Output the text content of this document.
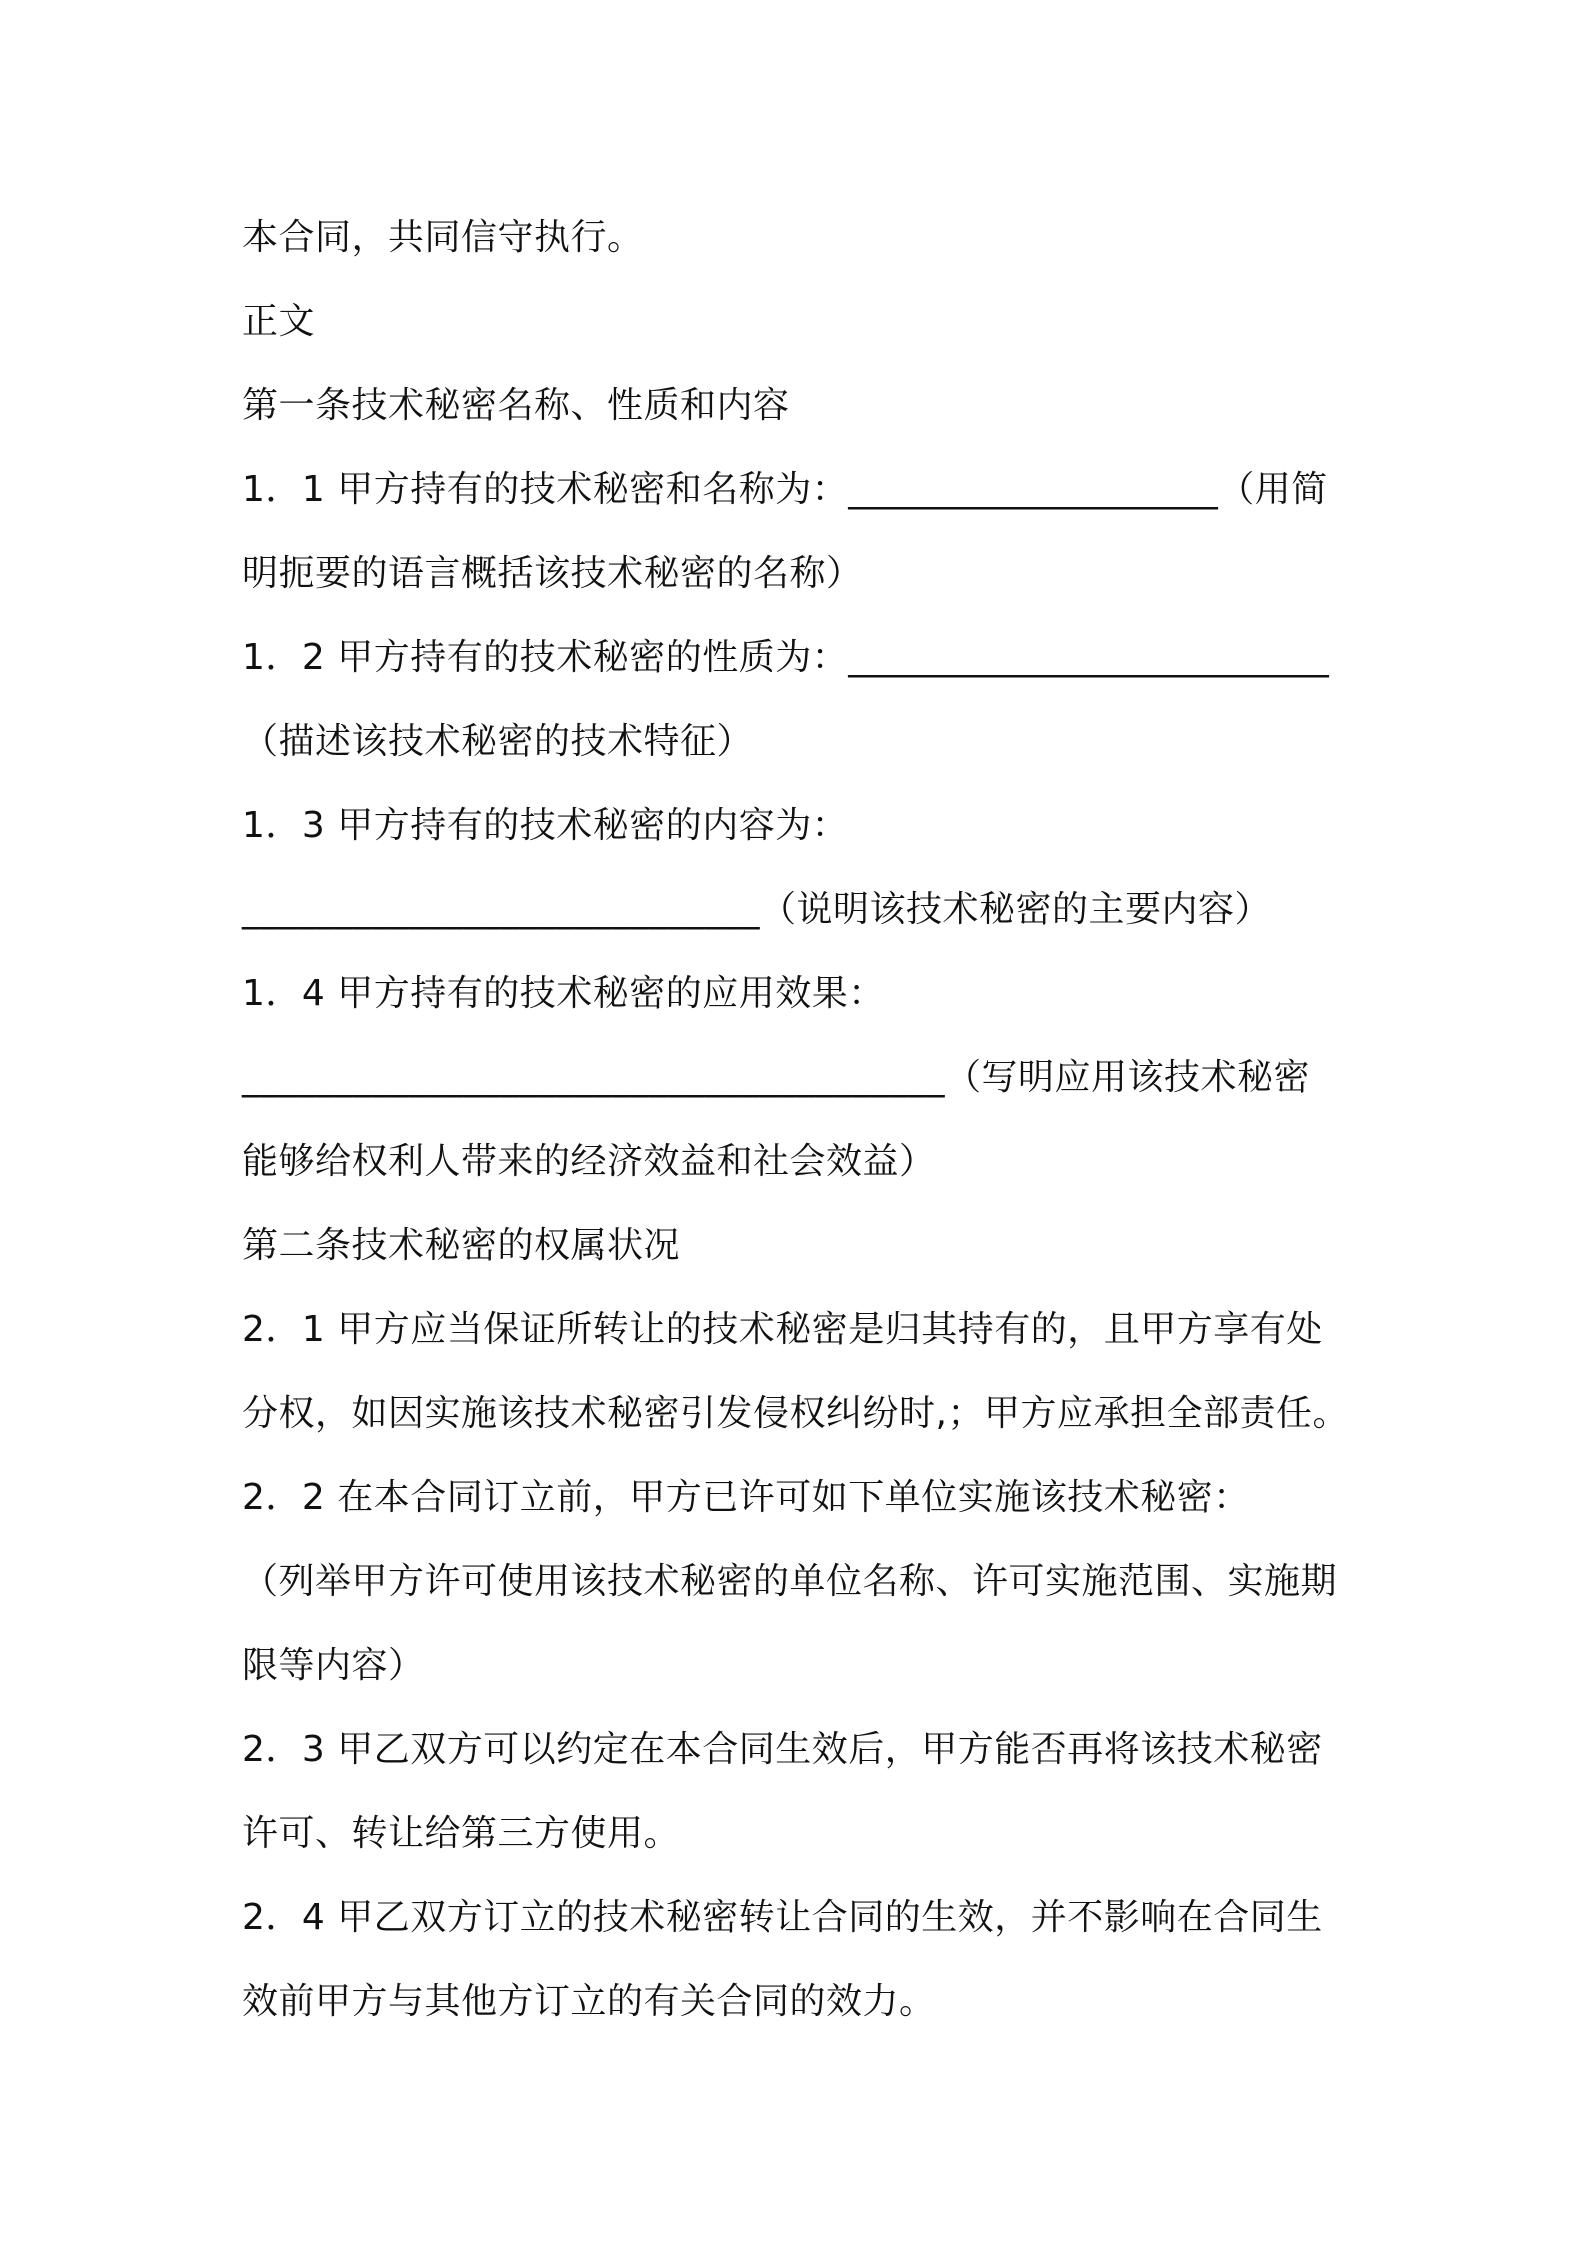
本合同，共同信守执行。
正文
第一条技术秘密名称、性质和内容
1．1 甲方持有的技术秘密和名称为：____________________（用简
明扼要的语言概括该技术秘密的名称）
1．2 甲方持有的技术秘密的性质为：__________________________
（描述该技术秘密的技术特征）
1．3 甲方持有的技术秘密的内容为：
____________________________（说明该技术秘密的主要内容）
1．4 甲方持有的技术秘密的应用效果：
______________________________________（写明应用该技术秘密
能够给权利人带来的经济效益和社会效益）
第二条技术秘密的权属状况
2．1 甲方应当保证所转让的技术秘密是归其持有的，且甲方享有处
分权，如因实施该技术秘密引发侵权纠纷时,；甲方应承担全部责任。
2．2 在本合同订立前，甲方已许可如下单位实施该技术秘密：
（列举甲方许可使用该技术秘密的单位名称、许可实施范围、实施期
限等内容）
2．3 甲乙双方可以约定在本合同生效后，甲方能否再将该技术秘密
许可、转让给第三方使用。
2．4 甲乙双方订立的技术秘密转让合同的生效，并不影响在合同生
效前甲方与其他方订立的有关合同的效力。
